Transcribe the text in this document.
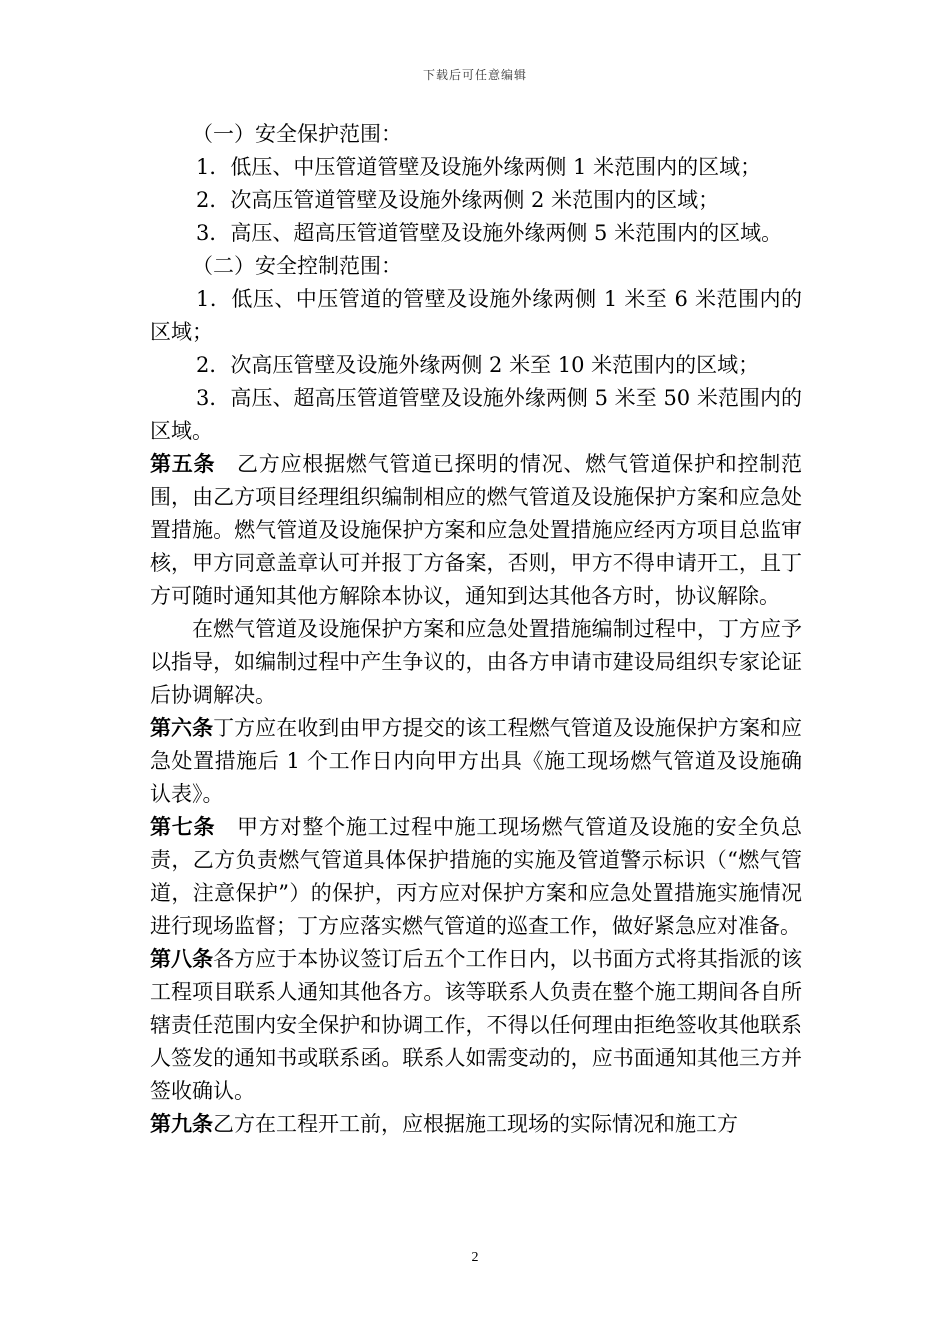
下载后可任意编辑

（一）安全保护范围：

1．低压、中压管道管壁及设施外缘两侧 1 米范围内的区域；

2．次高压管道管壁及设施外缘两侧 2 米范围内的区域；

3．高压、超高压管道管壁及设施外缘两侧 5 米范围内的区域。

（二）安全控制范围：

1．低压、中压管道的管壁及设施外缘两侧 1 米至 6 米范围内的区域；

2．次高压管壁及设施外缘两侧 2 米至 10 米范围内的区域；

3．高压、超高压管道管壁及设施外缘两侧 5 米至 50 米范围内的区域。

第五条　乙方应根据燃气管道已探明的情况、燃气管道保护和控制范围，由乙方项目经理组织编制相应的燃气管道及设施保护方案和应急处置措施。燃气管道及设施保护方案和应急处置措施应经丙方项目总监审核，甲方同意盖章认可并报丁方备案，否则，甲方不得申请开工，且丁方可随时通知其他方解除本协议，通知到达其他各方时，协议解除。

在燃气管道及设施保护方案和应急处置措施编制过程中，丁方应予以指导，如编制过程中产生争议的，由各方申请市建设局组织专家论证后协调解决。

第六条丁方应在收到由甲方提交的该工程燃气管道及设施保护方案和应急处置措施后 1 个工作日内向甲方出具《施工现场燃气管道及设施确认表》。

第七条　甲方对整个施工过程中施工现场燃气管道及设施的安全负总责，乙方负责燃气管道具体保护措施的实施及管道警示标识（“燃气管道，注意保护”）的保护，丙方应对保护方案和应急处置措施实施情况进行现场监督；丁方应落实燃气管道的巡查工作，做好紧急应对准备。

第八条各方应于本协议签订后五个工作日内，以书面方式将其指派的该工程项目联系人通知其他各方。该等联系人负责在整个施工期间各自所辖责任范围内安全保护和协调工作，不得以任何理由拒绝签收其他联系人签发的通知书或联系函。联系人如需变动的，应书面通知其他三方并签收确认。

第九条乙方在工程开工前，应根据施工现场的实际情况和施工方

2
